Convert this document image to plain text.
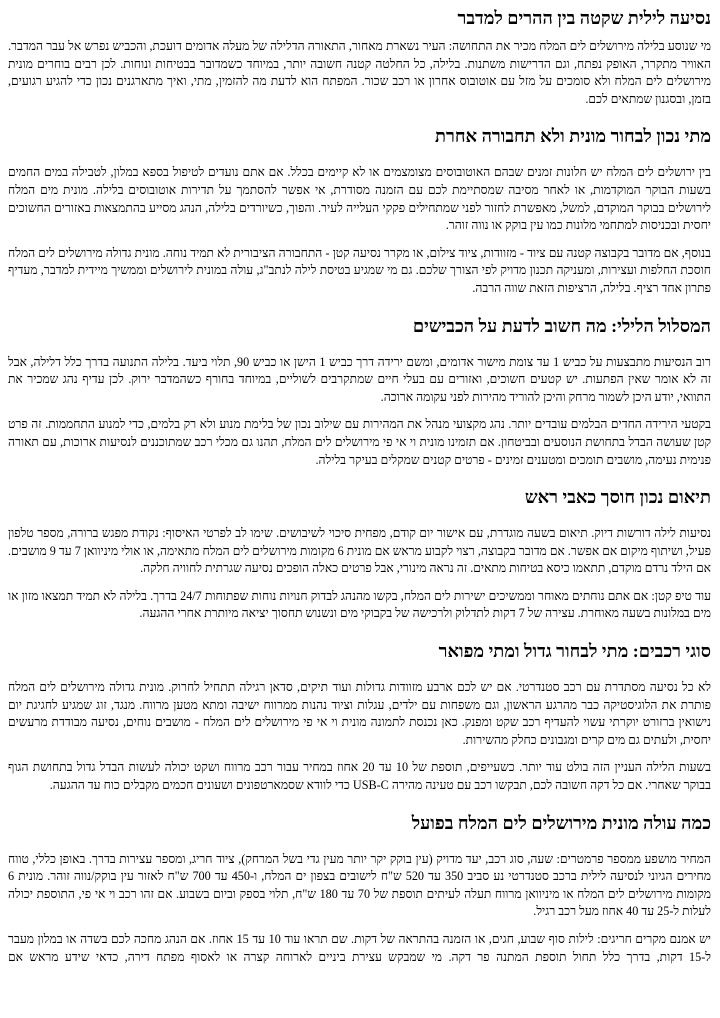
נסיעה לילית שקטה בין ההרים למדבר

מי שנוסע בלילה מירושלים לים המלח מכיר את התחושה: העיר נשארת מאחור, התאורה הדלילה של מעלה אדומים דועכת, והכביש נפרש אל עבר המדבר. האוויר מתקרר, האופק נפתח, וגם הדרישות משתנות. בלילה, כל החלטה קטנה חשובה יותר, במיוחד כשמדובר בבטיחות ונוחות. לכן רבים בוחרים מונית מירושלים לים המלח ולא סומכים על מזל עם אוטובוס אחרון או רכב שכור. המפתח הוא לדעת מה להזמין, מתי, ואיך מתארגנים נכון כדי להגיע רגועים, בזמן, ובסגנון שמתאים לכם.

מתי נכון לבחור מונית ולא תחבורה אחרת

בין ירושלים לים המלח יש חלונות זמנים שבהם האוטובוסים מצומצמים או לא קיימים בכלל. אם אתם נועדים לטיפול בספא במלון, לטבילה במים החמים בשעות הבוקר המוקדמות, או לאחר מסיבה שמסתיימת לכם עם הזמנה מסודרת, אי אפשר להסתמך על תדירות אוטובוסים בלילה. מונית מים המלח לירושלים בבוקר המוקדם, למשל, מאפשרת לחזור לפני שמתחילים פקקי העלייה לעיר. והפוך, כשיורדים בלילה, הנהג מסייע בהתמצאות באזורים החשוכים יחסית ובכניסות למתחמי מלונות כמו עין בוקק או נווה זוהר.

בנוסף, אם מדובר בקבוצה קטנה עם ציוד - מזוודות, ציוד צילום, או מקרר נסיעה קטן - התחבורה הציבורית לא תמיד נוחה. מונית גדולה מירושלים לים המלח חוסכת החלפות ועצירות, ומעניקה תכנון מדויק לפי הצורך שלכם. גם מי שמגיע בטיסת לילה לנתב"ג, עולה במונית לירושלים וממשיך מיידית למדבר, מעדיף פתרון אחד רציף. בלילה, הרציפות הזאת שווה הרבה.

המסלול הלילי: מה חשוב לדעת על הכבישים

רוב הנסיעות מתבצעות על כביש 1 עד צומת מישור אדומים, ומשם ירידה דרך כביש 1 הישן או כביש 90, תלוי ביעד. בלילה התנועה בדרך כלל דלילה, אבל זה לא אומר שאין הפתעות. יש קטעים חשוכים, ואזורים עם בעלי חיים שמתקרבים לשוליים, במיוחד בחורף כשהמדבר ירוק. לכן עדיף נהג שמכיר את התוואי, יודע היכן לשמור מרחק והיכן להוריד מהירות לפני עקומה ארוכה.

בקטעי הירידה החדים הבלמים עובדים יותר. נהג מקצועי מנהל את המהירות עם שילוב נכון של בלימת מנוע ולא רק בלמים, כדי למנוע התחממות. זה פרט קטן שעושה הבדל בתחושת הנוסעים ובביטחון. אם תזמינו מונית וי אי פי מירושלים לים המלח, תהנו גם מכלי רכב שמתוכננים לנסיעות ארוכות, עם תאורה פנימית נעימה, מושבים תומכים ומטענים זמינים - פרטים קטנים שמקלים בעיקר בלילה.

תיאום נכון חוסך כאבי ראש

נסיעות לילה דורשות דיוק. תיאום בשעה מוגדרת, עם אישור יום קודם, מפחית סיכוי לשיבושים. שימו לב לפרטי האיסוף: נקודת מפגש ברורה, מספר טלפון פעיל, ושיתוף מיקום אם אפשר. אם מדובר בקבוצה, רצוי לקבוע מראש אם מונית 6 מקומות מירושלים לים המלח מתאימה, או אולי מיניוואן 7 עד 9 מושבים. אם הילד נרדם מוקדם, תתאמו כיסא בטיחות מתאים. זה נראה מינורי, אבל פרטים כאלה הופכים נסיעה שגרתית לחוויה חלקה.

עוד טיפ קטן: אם אתם נוחתים מאוחר וממשיכים ישירות לים המלח, בקשו מהנהג לבדוק חנויות נוחות שפתוחות 24/7 בדרך. בלילה לא תמיד תמצאו מזון או מים במלונות בשעה מאוחרת. עצירה של 7 דקות לתדלוק ולרכישה של בקבוקי מים ונשנוש תחסוך יציאה מיותרת אחרי ההגעה.

סוגי רכבים: מתי לבחור גדול ומתי מפואר

לא כל נסיעה מסתדרת עם רכב סטנדרטי. אם יש לכם ארבע מזוודות גדולות ועוד תיקים, סדאן רגילה תתחיל לחרוק. מונית גדולה מירושלים לים המלח פותרת את הלוגיסטיקה כבר מהרגע הראשון, וגם משפחות עם ילדים, עגלות וציוד נהנות ממרווח ישיבה ומתא מטען מרווח. מנגד, זוג שמגיע לחגיגת יום נישואין ברזורט יוקרתי עשוי להעדיף רכב שקט ומפנק. כאן נכנסת לתמונה מונית וי אי פי מירושלים לים המלח - מושבים נוחים, נסיעה מבודדת מרעשים יחסית, ולעתים גם מים קרים ומגבונים כחלק מהשירות.

בשעות הלילה העניין הזה בולט עוד יותר. כשעייפים, תוספת של 10 עד 20 אחוז במחיר עבור רכב מרווח ושקט יכולה לעשות הבדל גדול בתחושת הגוף בבוקר שאחרי. אם כל דקה חשובה לכם, תבקשו רכב עם טעינה מהירה USB-C כדי לוודא שסמארטפונים ושעונים חכמים מקבלים כוח עד ההגעה.

כמה עולה מונית מירושלים לים המלח בפועל

המחיר מושפע ממספר פרמטרים: שעה, סוג רכב, יעד מדויק (עין בוקק יקר יותר מעין גדי בשל המרחק), ציוד חריג, ומספר עצירות בדרך. באופן כללי, טווח מחירים הגיוני לנסיעה לילית ברכב סטנדרטי נע סביב 350 עד 520 ש"ח לישובים בצפון ים המלח, ו-450 עד 700 ש"ח לאזור עין בוקק/נווה זוהר. מונית 6 מקומות מירושלים לים המלח או מיניוואן מרווח תעלה לעיתים תוספת של 70 עד 180 ש"ח, תלוי בספק וביום בשבוע. אם זהו רכב וי אי פי, התוספת יכולה לעלות ל-25 עד 40 אחוז מעל רכב רגיל.

יש אמנם מקרים חריגים: לילות סוף שבוע, חגים, או הזמנה בהתראה של דקות. שם תראו עוד 10 עד 15 אחוז. אם הנהג מחכה לכם בשדה או במלון מעבר ל-15 דקות, בדרך כלל תחול תוספת המתנה פר דקה. מי שמבקש עצירת ביניים לארוחה קצרה או לאסוף מפתח דירה, כדאי שידע מראש אם
